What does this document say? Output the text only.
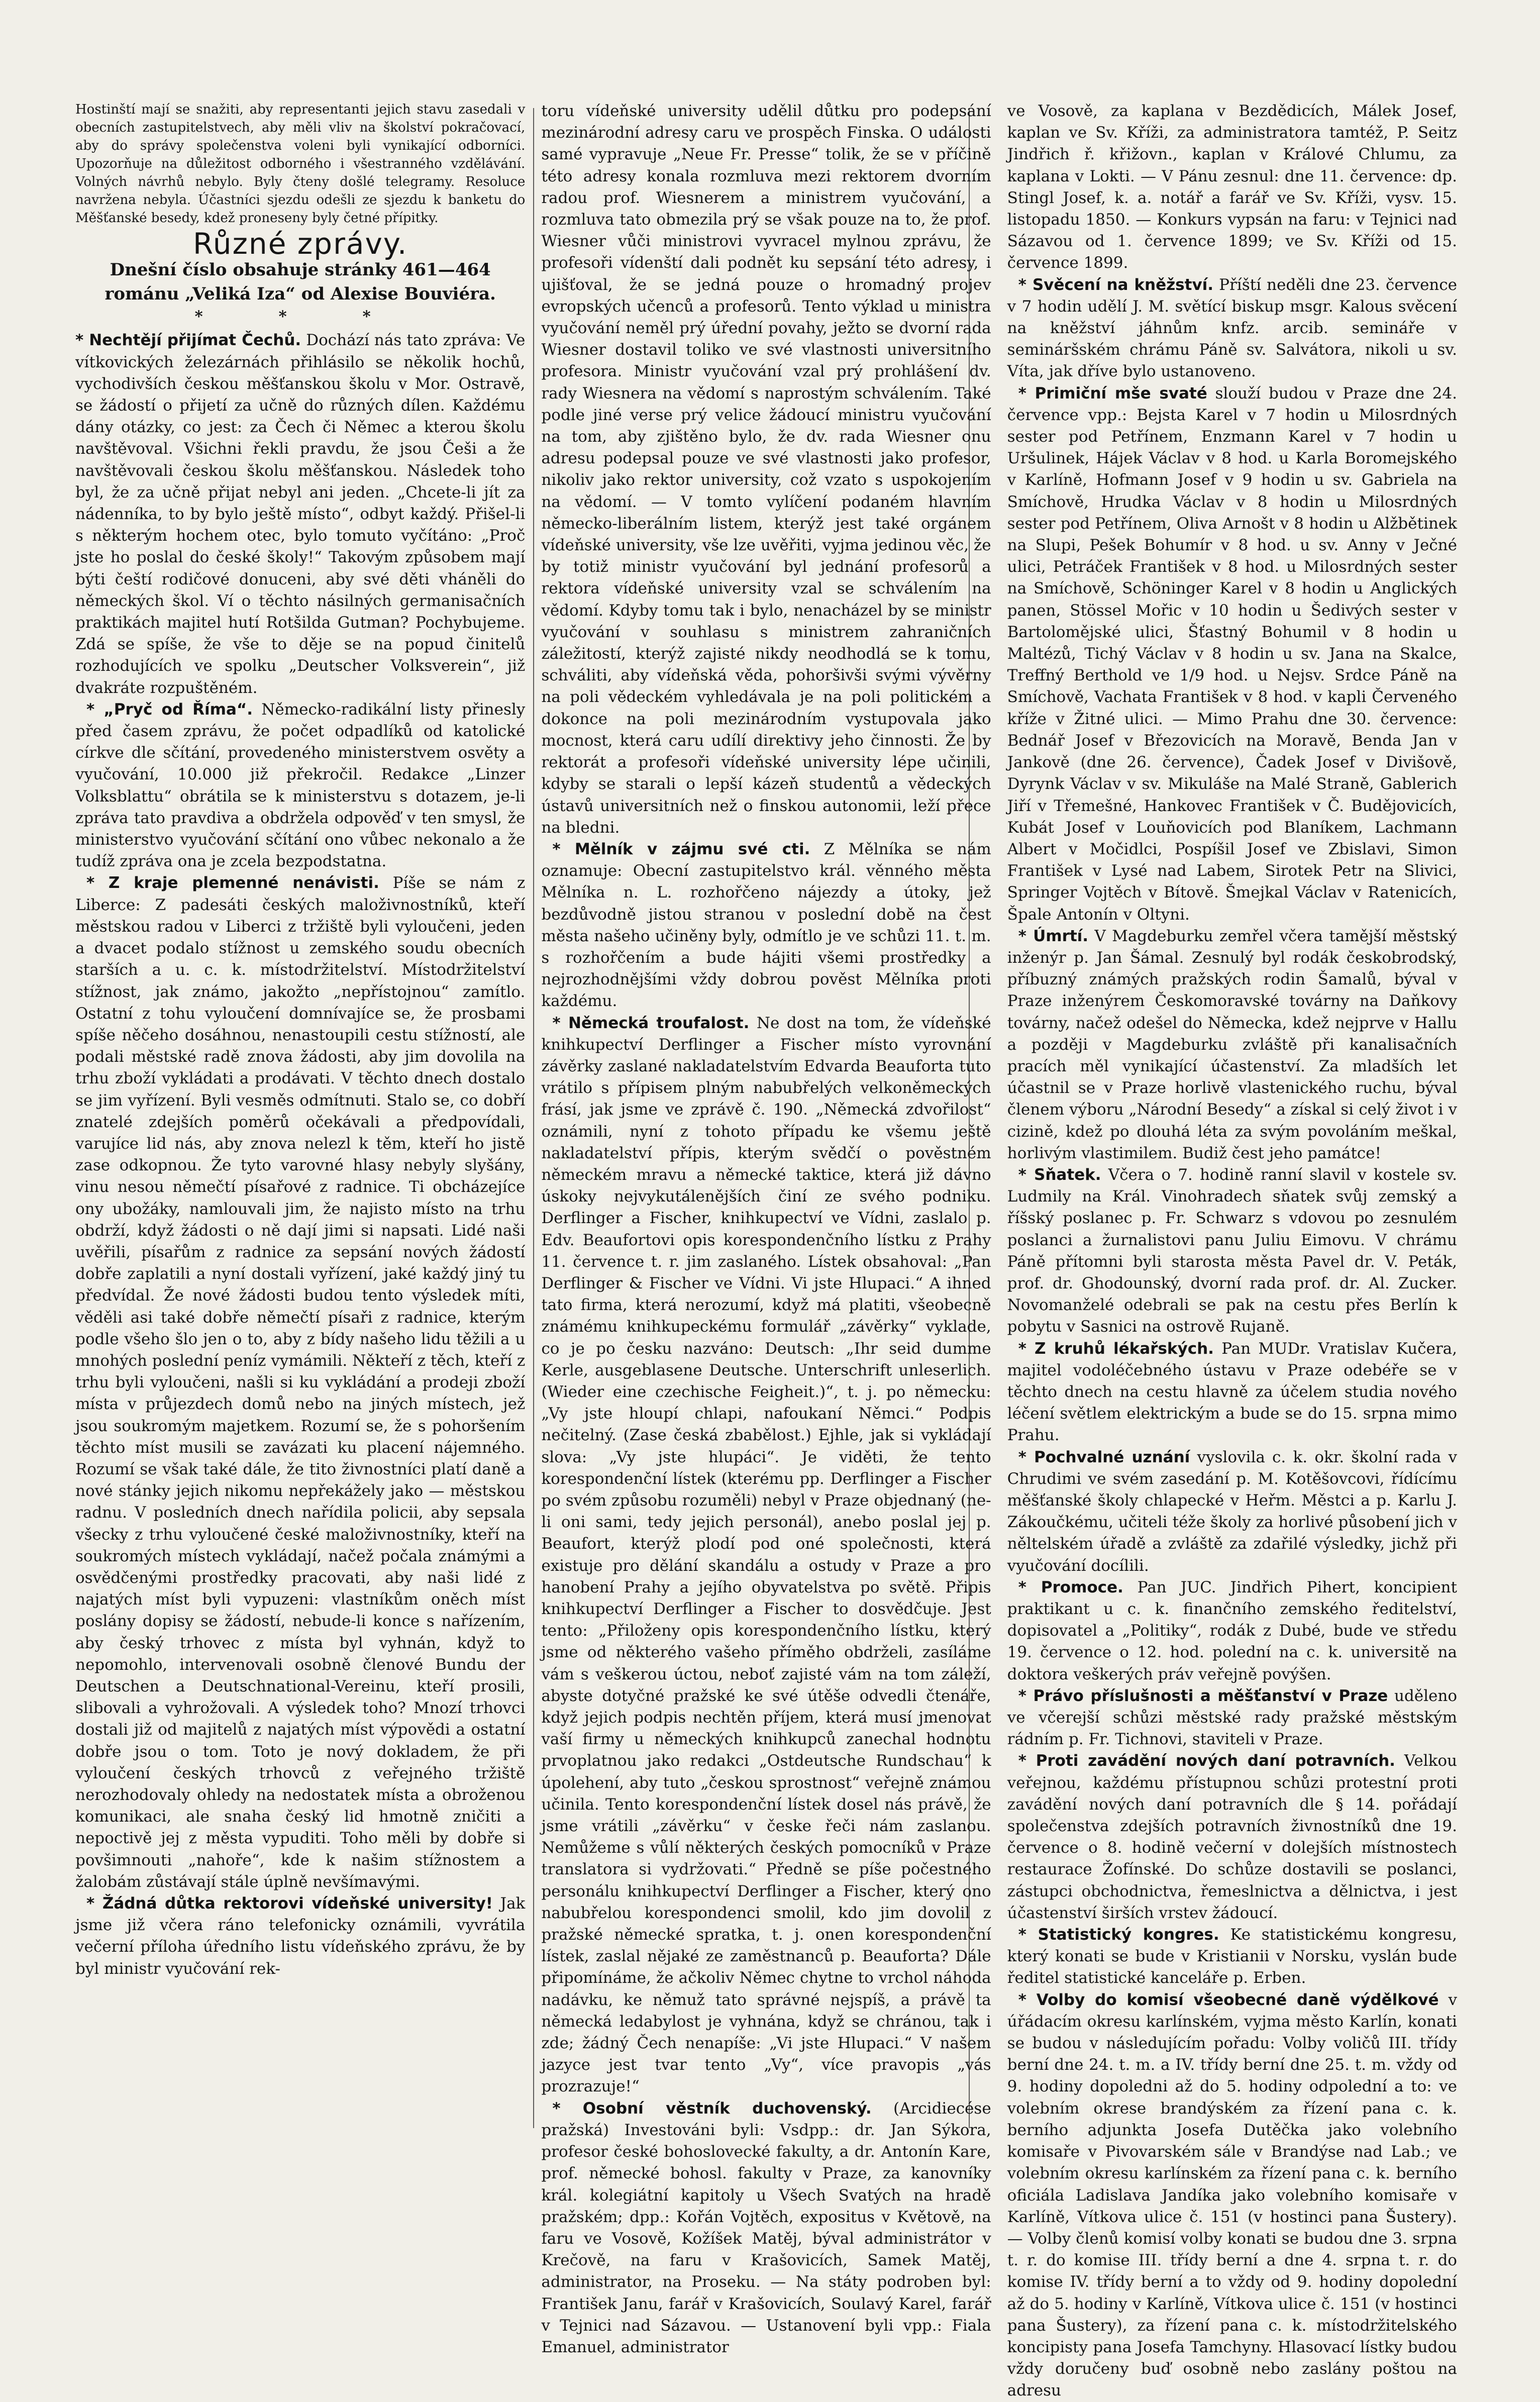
Hostinští mají se snažiti, aby representanti jejich stavu zasedali v obecních zastupitelstvech, aby měli vliv na školství pokračovací, aby do správy společenstva voleni byli vynikající odborníci. Upozorňuje na důležitost odborného i všestranného vzdělávání. Volných návrhů nebylo. Byly čteny došlé telegramy. Resoluce navržena nebyla. Účastníci sjezdu odešli ze sjezdu k banketu do Měšťanské besedy, kdež proneseny byly četné přípitky.

Různé zprávy.
Dnešní číslo obsahuje stránky 461—464 románu „Veliká Iza“ od Alexise Bouviéra.
* * *

* Nechtějí přijímat Čechů. Dochází nás tato zpráva: Ve vítkovických železárnách přihlásilo se několik hochů, vychodivších českou měšťanskou školu v Mor. Ostravě, se žádostí o přijetí za učně do různých dílen. Každému dány otázky, co jest: za Čech či Němec a kterou školu navštěvoval. Všichni řekli pravdu, že jsou Češi a že navštěvovali českou školu měšťanskou. Následek toho byl, že za učně přijat nebyl ani jeden. „Chcete-li jít za nádenníka, to by bylo ještě místo“, odbyt každý. Přišel-li s některým hochem otec, bylo tomuto vyčítáno: „Proč jste ho poslal do české školy!“ Takovým způsobem mají býti čeští rodičové donuceni, aby své děti vháněli do německých škol. Ví o těchto násilných germanisačních praktikách majitel hutí Rotšilda Gutman? Pochybujeme. Zdá se spíše, že vše to děje se na popud činitelů rozhodujících ve spolku „Deutscher Volksverein“, již dvakráte rozpuštěném.

* „Pryč od Říma“. Německo-radikální listy přinesly před časem zprávu, že počet odpadlíků od katolické církve dle sčítání, provedeného ministerstvem osvěty a vyučování, 10.000 již překročil. Redakce „Linzer Volksblattu“ obrátila se k ministerstvu s dotazem, je-li zpráva tato pravdiva a obdržela odpověď v ten smysl, že ministerstvo vyučování sčítání ono vůbec nekonalo a že tudíž zpráva ona je zcela bezpodstatna.

* Z kraje plemenné nenávisti. Píše se nám z Liberce: Z padesáti českých maloživnostníků, kteří městskou radou v Liberci z tržiště byli vyloučeni, jeden a dvacet podalo stížnost u zemského soudu obecních starších a u. c. k. místodržitelství. Místodržitelství stížnost, jak známo, jakožto „nepřístojnou“ zamítlo. Ostatní z tohu vyloučení domnívajíce se, že prosbami spíše něčeho dosáhnou, nenastoupili cestu stížností, ale podali městské radě znova žádosti, aby jim dovolila na trhu zboží vykládati a prodávati. V těchto dnech dostalo se jim vyřízení. Byli vesměs odmítnuti. Stalo se, co dobří znatelé zdejších poměrů očekávali a předpovídali, varujíce lid nás, aby znova nelezl k těm, kteří ho jistě zase odkopnou. Že tyto varovné hlasy nebyly slyšány, vinu nesou němečtí písařové z radnice. Ti obcházejíce ony ubožáky, namlouvali jim, že najisto místo na trhu obdrží, když žádosti o ně dají jimi si napsati. Lidé naši uvěřili, písařům z radnice za sepsání nových žádostí dobře zaplatili a nyní dostali vyřízení, jaké každý jiný tu předvídal. Že nové žádosti budou tento výsledek míti, věděli asi také dobře němečtí písaři z radnice, kterým podle všeho šlo jen o to, aby z bídy našeho lidu těžili a u mnohých poslední peníz vymámili. Někteří z těch, kteří z trhu byli vyloučeni, našli si ku vykládání a prodeji zboží místa v průjezdech domů nebo na jiných místech, jež jsou soukromým majetkem. Rozumí se, že s pohoršením těchto míst musili se zavázati ku placení nájemného. Rozumí se však také dále, že tito živnostníci platí daně a nové stánky jejich nikomu nepřekážely jako — městskou radnu. V posledních dnech nařídila policii, aby sepsala všecky z trhu vyloučené české maloživnostníky, kteří na soukromých místech vykládají, načež počala známými a osvědčenými prostředky pracovati, aby naši lidé z najatých míst byli vypuzeni: vlastníkům oněch míst poslány dopisy se žádostí, nebude-li konce s nařízením, aby český trhovec z místa byl vyhnán, když to nepomohlo, intervenovali osobně členové Bundu der Deutschen a Deutschnational-Vereinu, kteří prosili, slibovali a vyhrožovali. A výsledek toho? Mnozí trhovci dostali již od majitelů z najatých míst výpovědi a ostatní dobře jsou o tom. Toto je nový dokladem, že při vyloučení českých trhovců z veřejného tržiště nerozhodovaly ohledy na nedostatek místa a obroženou komunikaci, ale snaha český lid hmotně zničiti a nepoctivě jej z města vypuditi. Toho měli by dobře si povšimnouti „nahoře“, kde k našim stížnostem a žalobám zůstávají stále úplně nevšímavými.

* Žádná důtka rektorovi vídeňské university! Jak jsme již včera ráno telefonicky oznámili, vyvrátila večerní příloha úředního listu vídeňského zprávu, že by byl ministr vyučování rek-

toru vídeňské university udělil důtku pro podepsání mezinárodní adresy caru ve prospěch Finska. O události samé vypravuje „Neue Fr. Presse“ tolik, že se v příčině této adresy konala rozmluva mezi rektorem dvorním radou prof. Wiesnerem a ministrem vyučování, a rozmluva tato obmezila prý se však pouze na to, že prof. Wiesner vůči ministrovi vyvracel mylnou zprávu, že profesoři vídenští dali podnět ku sepsání této adresy, i ujišťoval, že se jedná pouze o hromadný projev evropských učenců a profesorů. Tento výklad u ministra vyučování neměl prý úřední povahy, ježto se dvorní rada Wiesner dostavil toliko ve své vlastnosti universitního profesora. Ministr vyučování vzal prý prohlášení dv. rady Wiesnera na vědomí s naprostým schválením. Také podle jiné verse prý velice žádoucí ministru vyučování na tom, aby zjištěno bylo, že dv. rada Wiesner onu adresu podepsal pouze ve své vlastnosti jako profesor, nikoliv jako rektor university, což vzato s uspokojením na vědomí. — V tomto vylíčení podaném hlavním německo-liberálním listem, kterýž jest také orgánem vídeňské university, vše lze uvěřiti, vyjma jedinou věc, že by totiž ministr vyučování byl jednání profesorů a rektora vídeňské university vzal se schválením na vědomí. Kdyby tomu tak i bylo, nenacházel by se ministr vyučování v souhlasu s ministrem zahraničních záležitostí, kterýž zajisté nikdy neodhodlá se k tomu, schváliti, aby vídeňská věda, pohoršivši svými vývěrny na poli vědeckém vyhledávala je na poli politickém a dokonce na poli mezinárodním vystupovala jako mocnost, která caru udílí direktivy jeho činnosti. Že by rektorát a profesoři vídeňské university lépe učinili, kdyby se starali o lepší kázeň studentů a vědeckých ústavů universitních než o finskou autonomii, leží přece na bledni.

* Mělník v zájmu své cti. Z Mělníka se nám oznamuje: Obecní zastupitelstvo král. věnného města Mělníka n. L. rozhořčeno nájezdy a útoky, jež bezdůvodně jistou stranou v poslední době na čest města našeho učiněny byly, odmítlo je ve schůzi 11. t. m. s rozhořčením a bude hájiti všemi prostředky a nejrozhodnějšími vždy dobrou pověst Mělníka proti každému.

* Německá troufalost. Ne dost na tom, že vídeňské knihkupectví Derflinger a Fischer místo vyrovnání závěrky zaslané nakladatelstvím Edvarda Beauforta tuto vrátilo s přípisem plným nabubřelých velkoněmeckých frásí, jak jsme ve zprávě č. 190. „Německá zdvořilost“ oznámili, nyní z tohoto případu ke všemu ještě nakladatelství přípis, kterým svědčí o pověstném německém mravu a německé taktice, která již dávno úskoky nejvykutálenějších činí ze svého podniku. Derflinger a Fischer, knihkupectví ve Vídni, zaslalo p. Edv. Beaufortovi opis korespondenčního lístku z Prahy 11. července t. r. jim zaslaného. Lístek obsahoval: „Pan Derflinger & Fischer ve Vídni. Vi jste Hlupaci.“ A ihned tato firma, která nerozumí, když má platiti, všeobecně známému knihkupeckému formulář „závěrky“ vyklade, co je po česku nazváno: Deutsch: „Ihr seid dumme Kerle, ausgeblasene Deutsche. Unterschrift unleserlich. (Wieder eine czechische Feigheit.)“, t. j. po německu: „Vy jste hloupí chlapi, nafoukaní Němci.“ Podpis nečitelný. (Zase česká zbabělost.) Ejhle, jak si vykládají slova: „Vy jste hlupáci“. Je viděti, že tento korespondenční lístek (kterému pp. Derflinger a Fischer po svém způsobu rozuměli) nebyl v Praze objednaný (ne-li oni sami, tedy jejich personál), anebo poslal jej p. Beaufort, kterýž plodí pod oné společnosti, která existuje pro dělání skandálu a ostudy v Praze a pro hanobení Prahy a jejího obyvatelstva po světě. Připis knihkupectví Derflinger a Fischer to dosvědčuje. Jest tento: „Přiloženy opis korespondenčního lístku, který jsme od některého vašeho příměho obdrželi, zasíláme vám s veškerou úctou, neboť zajisté vám na tom záleží, abyste dotyčné pražské ke své útěše odvedli čtenáře, když jejich podpis nechtěn příjem, která musí jmenovat vaší firmy u německých knihkupců zanechal hodnotu prvoplatnou jako redakci „Ostdeutsche Rundschau“ k úpolehení, aby tuto „českou sprostnost“ veřejně známou učinila. Tento korespondenční lístek dosel nás právě, že jsme vrátili „závěrku“ v česke řeči nám zaslanou. Nemůžeme s vůlí některých českých pomocníků v Praze translatora si vydržovati.“ Předně se píše počestného personálu knihkupectví Derflinger a Fischer, který ono nabubřelou korespondenci smolil, kdo jim dovolil z pražské německé spratka, t. j. onen korespondenční lístek, zaslal nějaké ze zaměstnanců p. Beauforta? Dále připomínáme, že ačkoliv Němec chytne to vrchol náhoda nadávku, ke němuž tato správné nejspíš, a právě ta německá ledabylost je vyhnána, když se chránou, tak i zde; žádný Čech nenapíše: „Vi jste Hlupaci.“ V našem jazyce jest tvar tento „Vy“, více pravopis „vás prozrazuje!“

* Osobní věstník duchovenský. (Arcidiecése pražská) Investováni byli: Vsdpp.: dr. Jan Sýkora, profesor české bohoslovecké fakulty, a dr. Antonín Kare, prof. německé bohosl. fakulty v Praze, za kanovníky král. kolegiátní kapitoly u Všech Svatých na hradě pražském; dpp.: Kořán Vojtěch, expositus v Květově, na faru ve Vosově, Kožíšek Matěj, býval administrátor v Krečově, na faru v Krašovicích, Samek Matěj, administrator, na Proseku. — Na státy podroben byl: František Janu, farář v Krašovicích, Soulavý Karel, farář v Tejnici nad Sázavou. — Ustanovení byli vpp.: Fiala Emanuel, administrator

ve Vosově, za kaplana v Bezdědicích, Málek Josef, kaplan ve Sv. Kříži, za administratora tamtéž, P. Seitz Jindřich ř. křižovn., kaplan v Králové Chlumu, za kaplana v Lokti. — V Pánu zesnul: dne 11. července: dp. Stingl Josef, k. a. notář a farář ve Sv. Kříži, vysv. 15. listopadu 1850. — Konkurs vypsán na faru: v Tejnici nad Sázavou od 1. července 1899; ve Sv. Kříži od 15. července 1899.

* Svěcení na kněžství. Příští neděli dne 23. července v 7 hodin udělí J. M. světící biskup msgr. Kalous svěcení na kněžství jáhnům knfz. arcib. semináře v semináršském chrámu Páně sv. Salvátora, nikoli u sv. Víta, jak dříve bylo ustanoveno.

* Primiční mše svaté slouží budou v Praze dne 24. července vpp.: Bejsta Karel v 7 hodin u Milosrdných sester pod Petřínem, Enzmann Karel v 7 hodin u Uršulinek, Hájek Václav v 8 hod. u Karla Boromejského v Karlíně, Hofmann Josef v 9 hodin u sv. Gabriela na Smíchově, Hrudka Václav v 8 hodin u Milosrdných sester pod Petřínem, Oliva Arnošt v 8 hodin u Alžbětinek na Slupi, Pešek Bohumír v 8 hod. u sv. Anny v Ječné ulici, Petráček František v 8 hod. u Milosrdných sester na Smíchově, Schöninger Karel v 8 hodin u Anglických panen, Stössel Mořic v 10 hodin u Šedivých sester v Bartolomějské ulici, Šťastný Bohumil v 8 hodin u Maltézů, Tichý Václav v 8 hodin u sv. Jana na Skalce, Treffný Berthold ve 1/9 hod. u Nejsv. Srdce Páně na Smíchově, Vachata František v 8 hod. v kapli Červeného kříže v Žitné ulici. — Mimo Prahu dne 30. července: Bednář Josef v Březovicích na Moravě, Benda Jan v Jankově (dne 26. července), Čadek Josef v Divišově, Dyrynk Václav v sv. Mikuláše na Malé Straně, Gablerich Jiří v Třemešné, Hankovec František v Č. Budějovicích, Kubát Josef v Louňovicích pod Blaníkem, Lachmann Albert v Močidlci, Pospíšil Josef ve Zbislavi, Simon František v Lysé nad Labem, Sirotek Petr na Slivici, Springer Vojtěch v Bítově. Šmejkal Václav v Ratenicích, Špale Antonín v Oltyni.

* Úmrtí. V Magdeburku zemřel včera tamější městský inženýr p. Jan Šámal. Zesnulý byl rodák českobrodský, příbuzný známých pražských rodin Šamalů, býval v Praze inženýrem Českomoravské továrny na Daňkovy továrny, načež odešel do Německa, kdež nejprve v Hallu a později v Magdeburku zvláště při kanalisačních pracích měl vynikající účastenství. Za mladších let účastnil se v Praze horlivě vlastenického ruchu, býval členem výboru „Národní Besedy“ a získal si celý život i v cizině, kdež po dlouhá léta za svým povoláním meškal, horlivým vlastimilem. Budiž čest jeho památce!

* Sňatek. Včera o 7. hodině ranní slavil v kostele sv. Ludmily na Král. Vinohradech sňatek svůj zemský a říšský poslanec p. Fr. Schwarz s vdovou po zesnulém poslanci a žurnalistovi panu Juliu Eimovu. V chrámu Páně přítomni byli starosta města Pavel dr. V. Peták, prof. dr. Ghodounský, dvorní rada prof. dr. Al. Zucker. Novomanželé odebrali se pak na cestu přes Berlín k pobytu v Sasnici na ostrově Rujaně.

* Z kruhů lékařských. Pan MUDr. Vratislav Kučera, majitel vodoléčebného ústavu v Praze odebéře se v těchto dnech na cestu hlavně za účelem studia nového léčení světlem elektrickým a bude se do 15. srpna mimo Prahu.

* Pochvalné uznání vyslovila c. k. okr. školní rada v Chrudimi ve svém zasedání p. M. Kotěšovcovi, řídícímu měšťanské školy chlapecké v Heřm. Městci a p. Karlu J. Zákoučkému, učiteli téže školy za horlivé působení jich v něltelském úřadě a zvláště za zdařilé výsledky, jichž při vyučování docílili.

* Promoce. Pan JUC. Jindřich Pihert, koncipient praktikant u c. k. finančního zemského ředitelství, dopisovatel a „Politiky“, rodák z Dubé, bude ve středu 19. července o 12. hod. polední na c. k. universitě na doktora veškerých práv veřejně povýšen.

* Právo příslušnosti a měšťanství v Praze uděleno ve včerejší schůzi městské rady pražské městským rádním p. Fr. Tichnovi, staviteli v Praze.

* Proti zavádění nových daní potravních. Velkou veřejnou, každému přístupnou schůzi protestní proti zavádění nových daní potravních dle § 14. pořádají společenstva zdejších potravních živnostníků dne 19. července o 8. hodině večerní v dolejších místnostech restaurace Žofínské. Do schůze dostavili se poslanci, zástupci obchodnictva, řemeslnictva a dělnictva, i jest účastenství širších vrstev žádoucí.

* Statistický kongres. Ke statistickému kongresu, který konati se bude v Kristianii v Norsku, vyslán bude ředitel statistické kanceláře p. Erben.

* Volby do komisí všeobecné daně výdělkové v úřádacím okresu karlínském, vyjma město Karlín, konati se budou v následujícím pořadu: Volby voličů III. třídy berní dne 24. t. m. a IV. třídy berní dne 25. t. m. vždy od 9. hodiny dopoledni až do 5. hodiny odpolední a to: ve volebním okrese brandýském za řízení pana c. k. berního adjunkta Josefa Dutěčka jako volebního komisaře v Pivovarském sále v Brandýse nad Lab.; ve volebním okresu karlínském za řízení pana c. k. berního oficiála Ladislava Jandíka jako volebního komisaře v Karlíně, Vítkova ulice č. 151 (v hostinci pana Šustery). — Volby členů komisí volby konati se budou dne 3. srpna t. r. do komise III. třídy berní a dne 4. srpna t. r. do komise IV. třídy berní a to vždy od 9. hodiny dopolední až do 5. hodiny v Karlíně, Vítkova ulice č. 151 (v hostinci pana Šustery), za řízení pana c. k. místodržitelského koncipisty pana Josefa Tamchyny. Hlasovací lístky budou vždy doručeny buď osobně nebo zaslány poštou na adresu
